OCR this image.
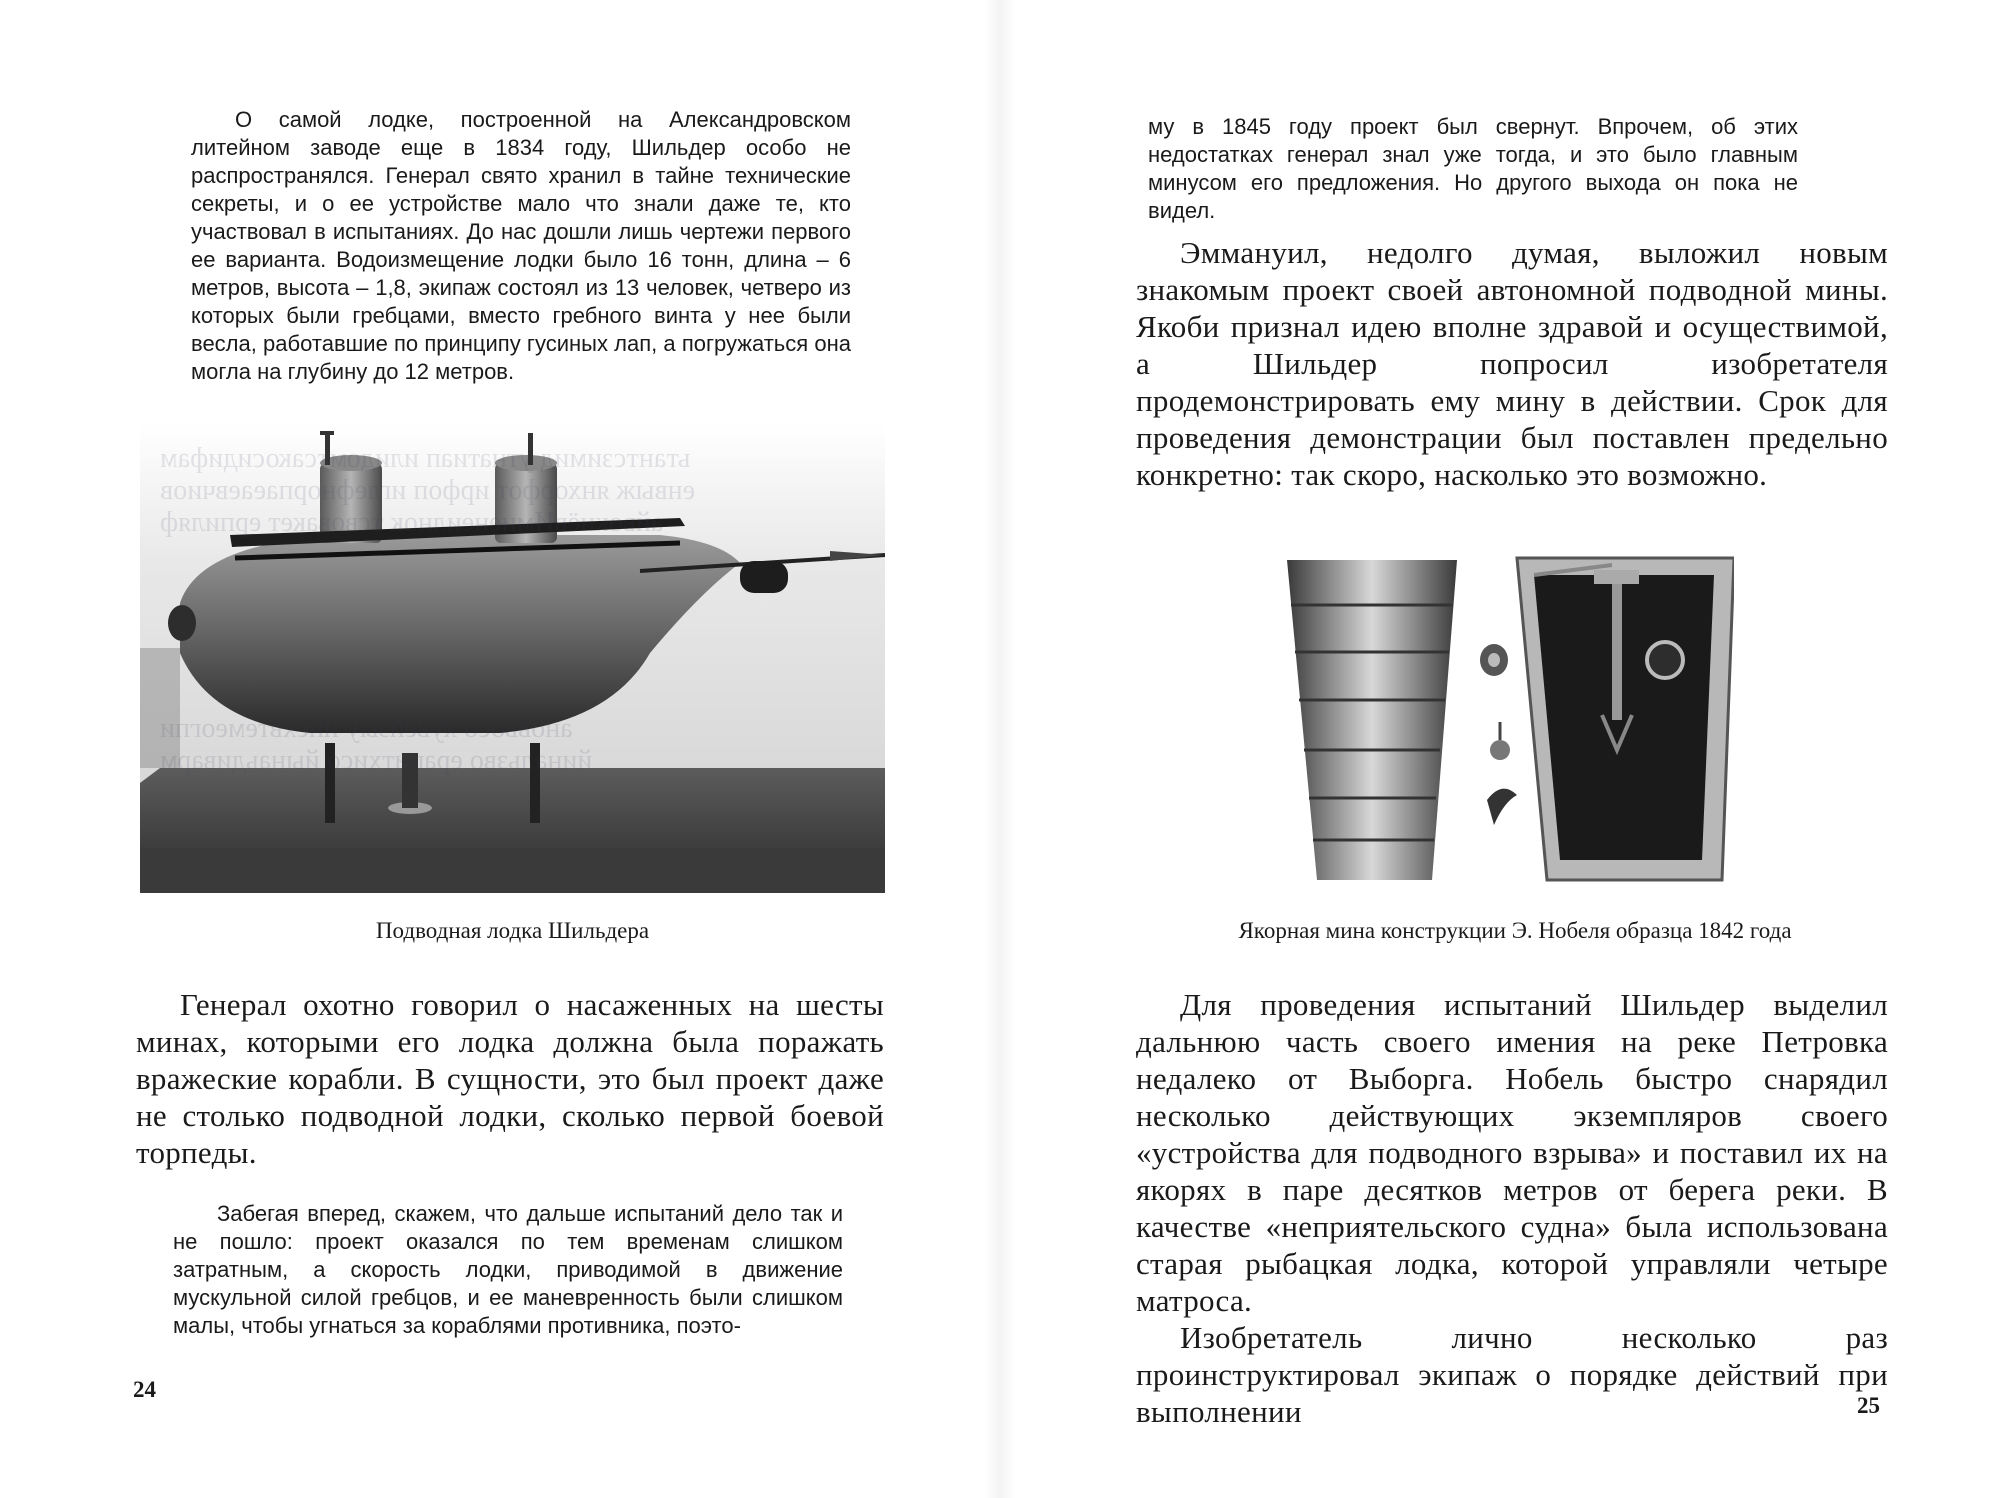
О самой лодке, построенной на Александровском литейном заводе еще в 1834 году, Шильдер особо не распространялся. Генерал свято хранил в тайне технические секреты, и о ее устройстве мало что знали даже те, кто участвовал в испытаниях. До нас дошли лишь чертежи первого ее варианта. Водоизмещение лодки было 16 тонн, длина – 6 метров, высота – 1,8, экипаж состоял из 13 человек, четверо из которых были гребцами, вместо гребного винта у нее были весла, работавшие по принципу гусиных лап, а погружаться она могла на глубину до 12 метров.

ьтантсзимид утнатиап илидомтсакосидифам
енвыж янхорфот ирфоп иглефнорпаеаевчиов
айвокнёвИмиенеилнок тсвовакет ерпиляф
ановьосо хувейзыу инехвтемеогпи
йинальзво ерапитхисо йынаьдиварм

Подводная лодка Шильдера

Генерал охотно говорил о насаженных на шесты минах, которыми его лодка должна была поражать вражеские корабли. В сущности, это был проект даже не столько подводной лодки, сколько первой боевой торпеды.

Забегая вперед, скажем, что дальше испытаний дело так и не пошло: проект оказался по тем временам слишком затратным, а скорость лодки, приводимой в движение мускульной силой гребцов, и ее маневренность были слишком малы, чтобы угнаться за кораблями противника, поэто-

24

му в 1845 году проект был свернут. Впрочем, об этих недостатках генерал знал уже тогда, и это было главным минусом его предложения. Но другого выхода он пока не видел.

Эммануил, недолго думая, выложил новым знакомым проект своей автономной подводной мины. Якоби признал идею вполне здравой и осуществимой, а Шильдер попросил изобретателя продемонстрировать ему мину в действии. Срок для проведения демонстрации был поставлен предельно конкретно: так скоро, насколько это возможно.

Якорная мина конструкции Э. Нобеля образца 1842 года

Для проведения испытаний Шильдер выделил дальнюю часть своего имения на реке Петровка недалеко от Выборга. Нобель быстро снарядил несколько действующих экземпляров своего «устройства для подводного взрыва» и поставил их на якорях в паре десятков метров от берега реки. В качестве «неприятельского судна» была использована старая рыбацкая лодка, которой управляли четыре матроса.

Изобретатель лично несколько раз проинструктировал экипаж о порядке действий при выполнении	25
